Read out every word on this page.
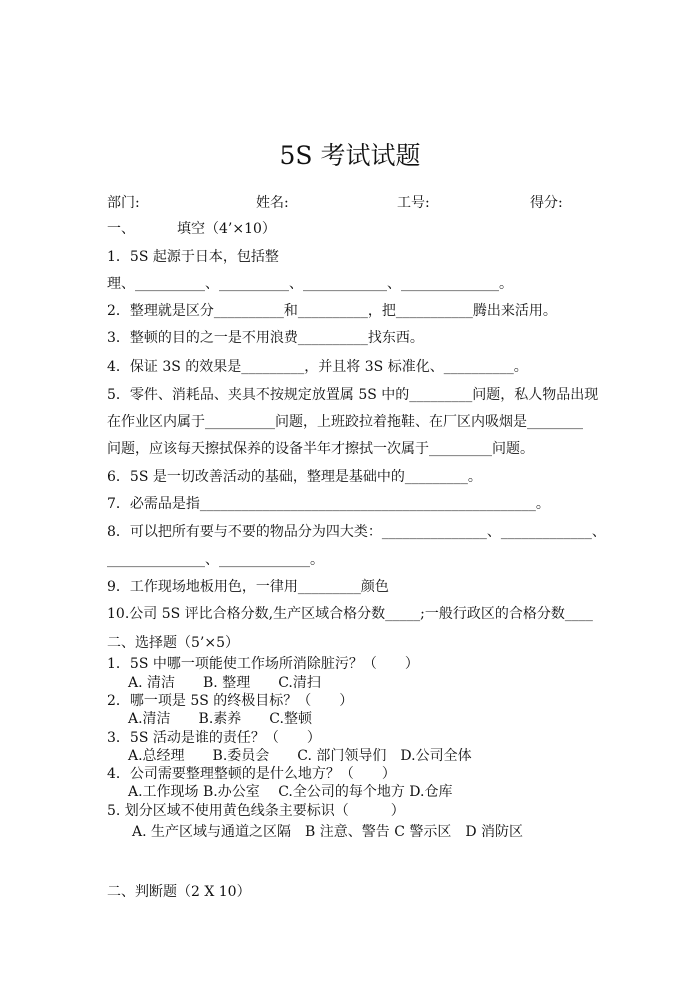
5S 考试试题
部门:	姓名:	工号:	得分:
一、	填空（4’×10）
1．5S 起源于日本，包括整
理、__________、__________、____________、______________。
2．整理就是区分__________和__________，把___________腾出来活用。
3．整顿的目的之一是不用浪费__________找东西。
4．保证 3S 的效果是_________，并且将 3S 标准化、__________。
5．零件、消耗品、夹具不按规定放置属 5S 中的_________问题，私人物品出现
在作业区内属于__________问题，上班跤拉着拖鞋、在厂区内吸烟是________
问题，应该每天擦拭保养的设备半年才擦拭一次属于_________问题。
6．5S 是一切改善活动的基础，整理是基础中的_________。
7．必需品是指________________________________________________。
8．可以把所有要与不要的物品分为四大类：_______________、_____________、
______________、_____________。
9．工作现场地板用色，一律用_________颜色
10.公司 5S 评比合格分数,生产区域合格分数_____;一般行政区的合格分数____
二、选择题（5’×5）
1．5S 中哪一项能使工作场所消除脏污？（　　）
A. 清洁　　B. 整理　　C.清扫
2．哪一项是 5S 的终极目标？（　　）
A.清洁　　B.素养　　C.整顿
3．5S 活动是谁的责任？（　　）
A.总经理　　B.委员会　　C. 部门领导们　D.公司全体
4．公司需要整理整顿的是什么地方？（　　）
A.工作现场 B.办公室　 C.全公司的每个地方 D.仓库
5. 划分区域不使用黄色线条主要标识（　　　）
A. 生产区域与通道之区隔　B 注意、警告 C 警示区　D 消防区
二、判断题（2 X 10）
